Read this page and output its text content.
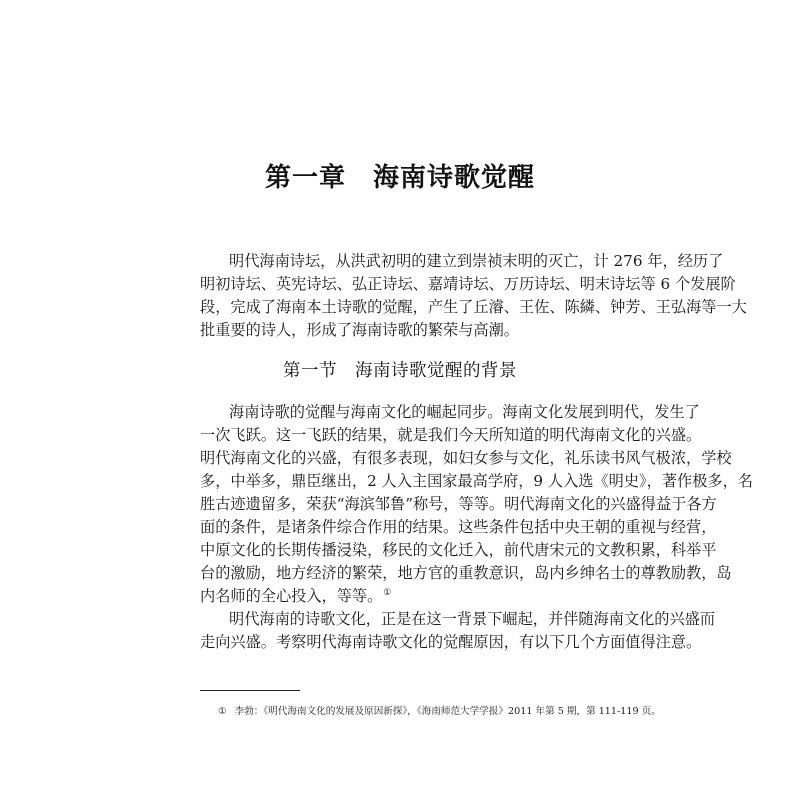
第一章　海南诗歌觉醒
明代海南诗坛，从洪武初明的建立到崇祯末明的灭亡，计 276 年，经历了
明初诗坛、英宪诗坛、弘正诗坛、嘉靖诗坛、万历诗坛、明末诗坛等 6 个发展阶
段，完成了海南本土诗歌的觉醒，产生了丘濬、王佐、陈繗、钟芳、王弘海等一大
批重要的诗人，形成了海南诗歌的繁荣与高潮。
第一节　海南诗歌觉醒的背景
海南诗歌的觉醒与海南文化的崛起同步。海南文化发展到明代，发生了
一次飞跃。这一飞跃的结果，就是我们今天所知道的明代海南文化的兴盛。
明代海南文化的兴盛，有很多表现，如妇女参与文化，礼乐读书风气极浓，学校
多，中举多，鼎臣继出，2 人入主国家最高学府，9 人入选《明史》，著作极多，名
胜古迹遗留多，荣获“海滨邹鲁”称号，等等。明代海南文化的兴盛得益于各方
面的条件，是诸条件综合作用的结果。这些条件包括中央王朝的重视与经营，
中原文化的长期传播浸染，移民的文化迁入，前代唐宋元的文教积累，科举平
台的激励，地方经济的繁荣，地方官的重教意识，岛内乡绅名士的尊教励教，岛
内名师的全心投入，等等。①
明代海南的诗歌文化，正是在这一背景下崛起，并伴随海南文化的兴盛而
走向兴盛。考察明代海南诗歌文化的觉醒原因，有以下几个方面值得注意。
① 李勃：《明代海南文化的发展及原因新探》，《海南师范大学学报》2011 年第 5 期，第 111-119 页。
